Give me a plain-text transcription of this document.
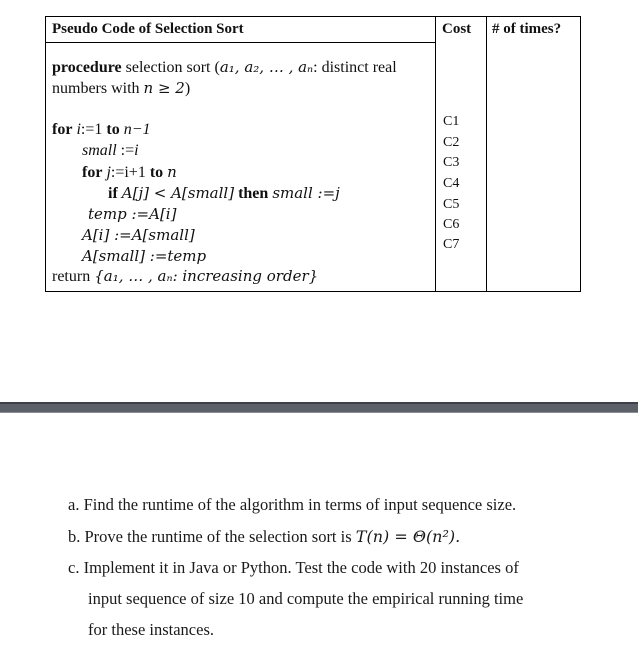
Pseudo Code of Selection Sort	Cost # of times?
procedure selection sort (a₁, a₂, … , aₙ: distinct real
numbers with n ≥ 2)
for i:=1 to n−1
small :=i
for j:=i+1 to n
if A[j] < A[small] then small :=j
temp :=A[i]
A[i] :=A[small]
A[small] :=temp
return {a₁, … , aₙ: increasing order}
C1
C2
C3
C4
C5
C6
C7
a. Find the runtime of the algorithm in terms of input sequence size.
b. Prove the runtime of the selection sort is T(n) = Θ(n²).
c. Implement it in Java or Python. Test the code with 20 instances of
input sequence of size 10 and compute the empirical running time
for these instances.
